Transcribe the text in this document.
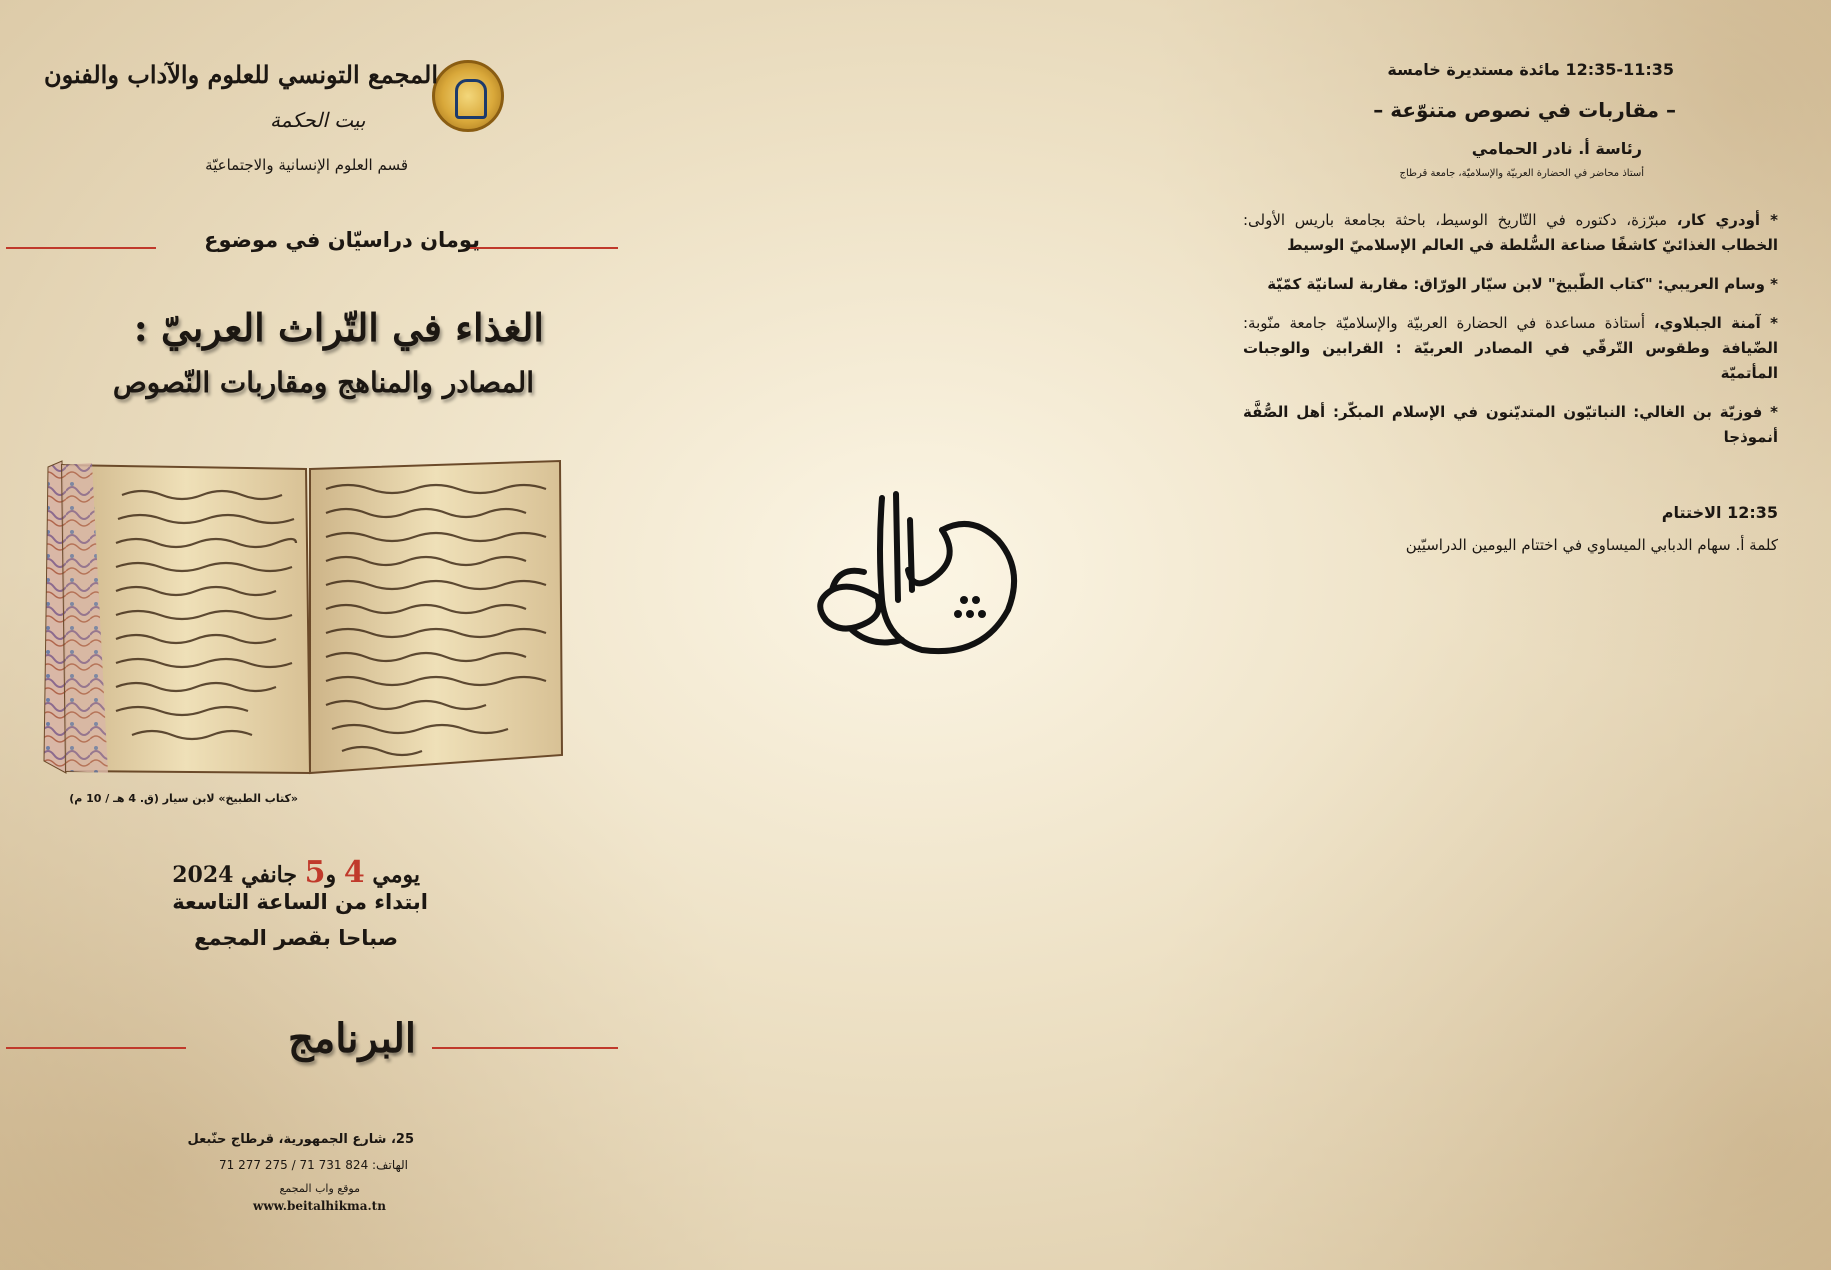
المجمع التونسي للعلوم والآداب والفنون
بيت الحكمة
قسم العلوم الإنسانية والاجتماعيّة
يومان دراسيّان في موضوع
الغذاء في التّراث العربيّ :
المصادر والمناهج ومقاربات النّصوص
«كتاب الطبيخ» لابن سيار (ق. 4 هـ / 10 م)
يومي 4 و5 جانفي 2024
ابتداء من الساعة التاسعة
صباحا بقصر المجمع
البرنامج
25، شارع الجمهورية، قرطاج حنّبعل
الهاتف: 824 731 71 / 275 277 71
موقع واب المجمع
www.beitalhikma.tn
12:35-11:35 مائدة مستديرة خامسة
– مقاربات في نصوص متنوّعة –
رئاسة أ. نادر الحمامي
أستاذ محاضر في الحضارة العربيّة والإسلاميّة، جامعة قرطاج
* أودري كار، مبرّزة، دكتوره في التّاريخ الوسيط، باحثة بجامعة باريس الأولى: الخطاب الغذائيّ كاشفًا صناعة السُّلطة في العالم الإسلاميّ الوسيط
* وسام العريبي: "كتاب الطّبيخ" لابن سيّار الورّاق: مقاربة لسانيّة كمّيّة
* آمنة الجبلاوي، أستاذة مساعدة في الحضارة العربيّة والإسلاميّة جامعة منّوبة: الضّيافة وطقوس التّرقّي في المصادر العربيّة : القرابين والوجبات المأتميّة
* فوزيّة بن الغالي: النباتيّون المتديّنون في الإسلام المبكّر: أهل الصُّفَّة أنموذجا
12:35 الاختتام
كلمة أ. سهام الدبابي الميساوي في اختتام اليومين الدراسيّين
